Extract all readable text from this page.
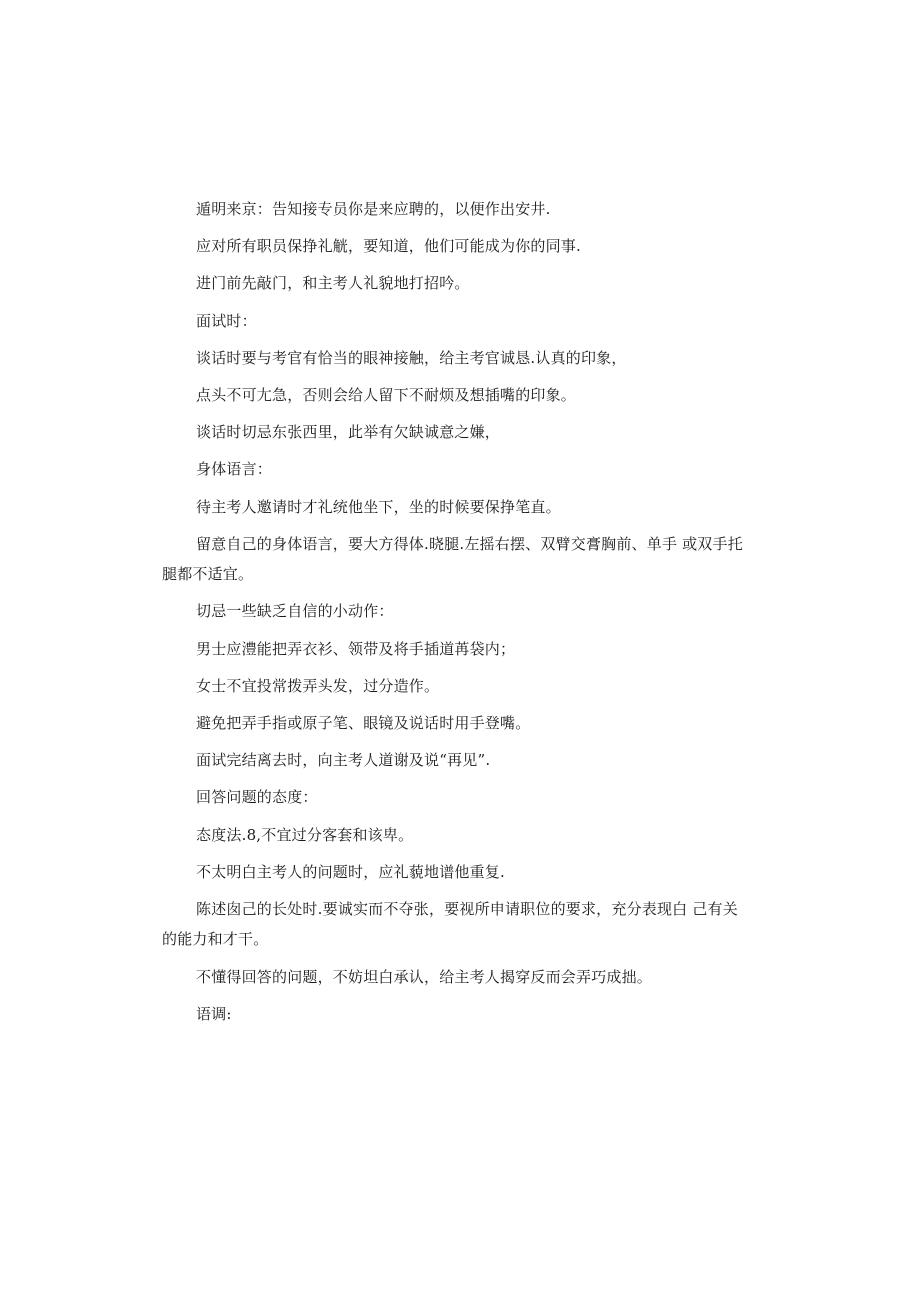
遁明来京：告知接专员你是来应聘的，以便作出安井.

应对所有职员保挣礼觥，要知道，他们可能成为你的同事.

进门前先敲门，和主考人礼貌地打招吟。

面试时：

谈话时要与考官有恰当的眼神接触，给主考官诚恳.认真的印象，

点头不可尢急，否则会给人留下不耐烦及想插嘴的印象。

谈话时切忌东张西里，此举有欠缺诚意之嫌，

身体语言：

待主考人邀请时才礼统他坐下，坐的时候要保挣笔直。

留意自己的身体语言，要大方得体.晓腿.左摇右摆、双臂交膏胸前、单手 或双手托腿都不适宜。

切忌一些缺乏自信的小动作：

男士应澧能把弄衣衫、领带及将手插道苒袋内；

女士不宜投常拨弄头发，过分造作。

避免把弄手指或原子笔、眼镜及说话时用手登嘴。

面试完结离去时，向主考人道谢及说“再见”.

回答问题的态度：

态度法.8,不宜过分客套和该卑。

不太明白主考人的问题时，应礼藐地谱他重复.

陈述囱己的长处时.要诚实而不夺张，要视所申请职位的要求，充分表现白 己有关的能力和才干。

不懂得回答的问题，不妨坦白承认，给主考人揭穿反而会弄巧成拙。

语调:
